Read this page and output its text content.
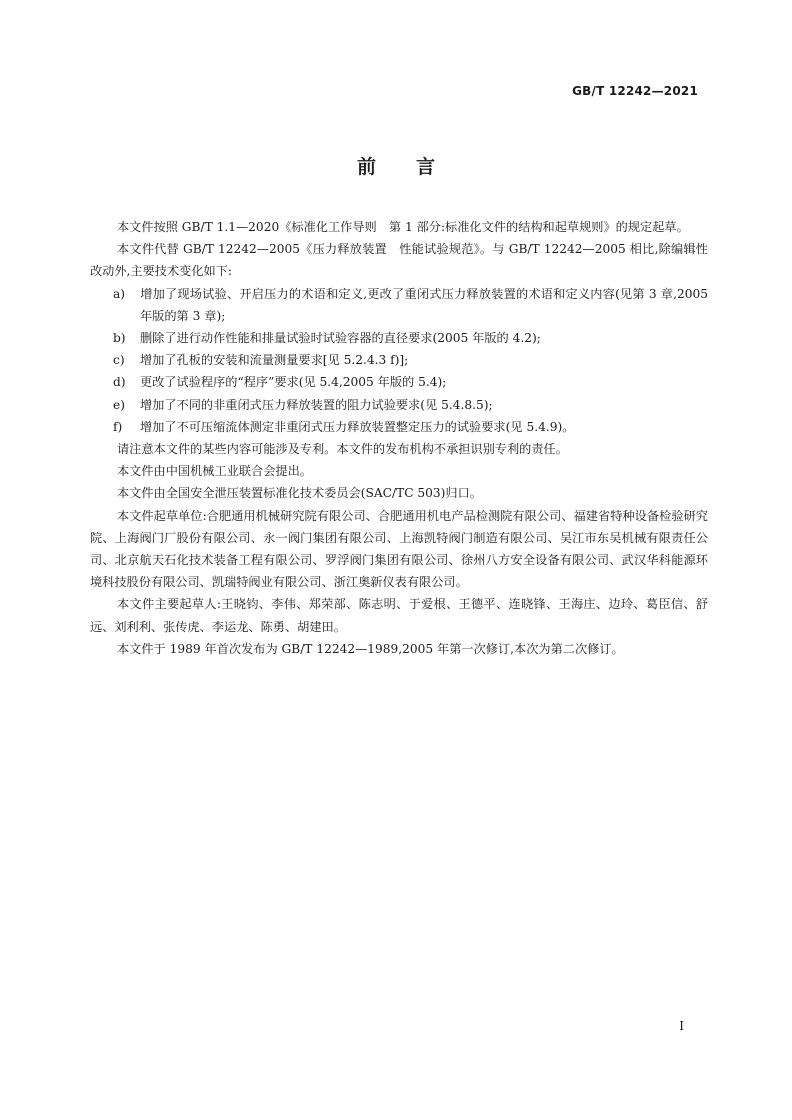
GB/T 12242—2021
前言

本文件按照 GB/T 1.1—2020《标准化工作导则　第 1 部分:标准化文件的结构和起草规则》的规定起草。

本文件代替 GB/T 12242—2005《压力释放装置　性能试验规范》。与 GB/T 12242—2005 相比,除编辑性改动外,主要技术变化如下:

a) 增加了现场试验、开启压力的术语和定义,更改了重闭式压力释放装置的术语和定义内容(见第 3 章,2005 年版的第 3 章);

b) 删除了进行动作性能和排量试验时试验容器的直径要求(2005 年版的 4.2);

c) 增加了孔板的安装和流量测量要求[见 5.2.4.3 f)];

d) 更改了试验程序的“程序”要求(见 5.4,2005 年版的 5.4);

e) 增加了不同的非重闭式压力释放装置的阻力试验要求(见 5.4.8.5);

f) 增加了不可压缩流体测定非重闭式压力释放装置整定压力的试验要求(见 5.4.9)。

请注意本文件的某些内容可能涉及专利。本文件的发布机构不承担识别专利的责任。

本文件由中国机械工业联合会提出。

本文件由全国安全泄压装置标准化技术委员会(SAC/TC 503)归口。

本文件起草单位:合肥通用机械研究院有限公司、合肥通用机电产品检测院有限公司、福建省特种设备检验研究院、上海阀门厂股份有限公司、永一阀门集团有限公司、上海凯特阀门制造有限公司、吴江市东吴机械有限责任公司、北京航天石化技术装备工程有限公司、罗浮阀门集团有限公司、徐州八方安全设备有限公司、武汉华科能源环境科技股份有限公司、凯瑞特阀业有限公司、浙江奥新仪表有限公司。

本文件主要起草人:王晓钧、李伟、郑荣部、陈志明、于爱根、王德平、连晓锋、王海庄、边玲、葛臣信、舒远、刘利利、张传虎、李运龙、陈勇、胡建田。

本文件于 1989 年首次发布为 GB/T 12242—1989,2005 年第一次修订,本次为第二次修订。

I
